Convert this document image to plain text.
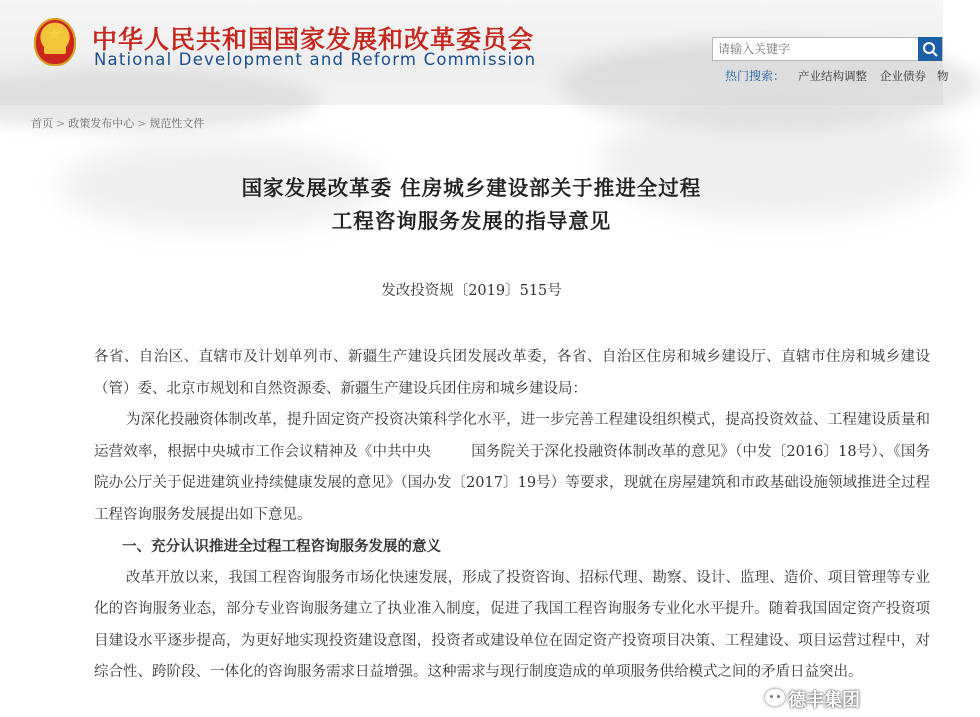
★ 中华人民共和国国家发展和改革委员会
National Development and Reform Commission
请输入关键字
热门搜索： 产业结构调整 企业债券 物
首页 > 政策发布中心 > 规范性文件
国家发展改革委 住房城乡建设部关于推进全过程
工程咨询服务发展的指导意见
发改投资规〔2019〕515号

各省、自治区、直辖市及计划单列市、新疆生产建设兵团发展改革委，各省、自治区住房和城乡建设厅、直辖市住房和城乡建设（管）委、北京市规划和自然资源委、新疆生产建设兵团住房和城乡建设局：

为深化投融资体制改革，提升固定资产投资决策科学化水平，进一步完善工程建设组织模式，提高投资效益、工程建设质量和运营效率，根据中央城市工作会议精神及《中共中央	国务院关于深化投融资体制改革的意见》（中发〔2016〕18号）、《国务院办公厅关于促进建筑业持续健康发展的意见》（国办发〔2017〕19号）等要求，现就在房屋建筑和市政基础设施领域推进全过程工程咨询服务发展提出如下意见。

一、充分认识推进全过程工程咨询服务发展的意义

改革开放以来，我国工程咨询服务市场化快速发展，形成了投资咨询、招标代理、勘察、设计、监理、造价、项目管理等专业化的咨询服务业态，部分专业咨询服务建立了执业准入制度，促进了我国工程咨询服务专业化水平提升。随着我国固定资产投资项目建设水平逐步提高，为更好地实现投资建设意图，投资者或建设单位在固定资产投资项目决策、工程建设、项目运营过程中，对综合性、跨阶段、一体化的咨询服务需求日益增强。这种需求与现行制度造成的单项服务供给模式之间的矛盾日益突出。

德丰集团
